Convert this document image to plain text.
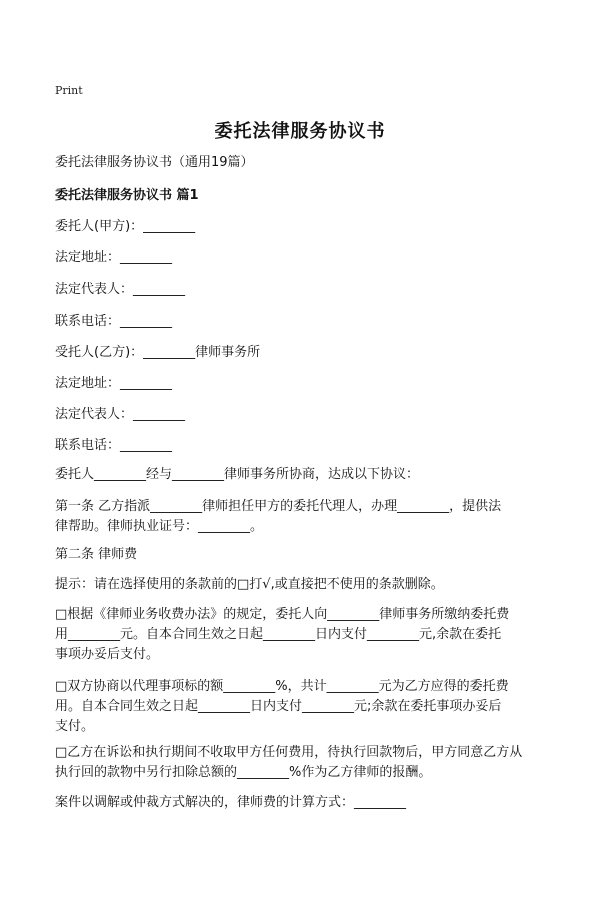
Print
委托法律服务协议书
委托法律服务协议书（通用19篇）
委托法律服务协议书 篇1
委托人(甲方)：________
法定地址：________
法定代表人：________
联系电话：________
受托人(乙方)：________律师事务所
法定地址：________
法定代表人：________
联系电话：________
委托人________经与________律师事务所协商，达成以下协议：
第一条 乙方指派________律师担任甲方的委托代理人，办理________，提供法
律帮助。律师执业证号：________。
第二条 律师费
提示：请在选择使用的条款前的□打√,或直接把不使用的条款删除。
□根据《律师业务收费办法》的规定，委托人向________律师事务所缴纳委托费
用________元。自本合同生效之日起________日内支付________元,余款在委托
事项办妥后支付。
□双方协商以代理事项标的额________%，共计________元为乙方应得的委托费
用。自本合同生效之日起________日内支付________元;余款在委托事项办妥后
支付。
□乙方在诉讼和执行期间不收取甲方任何费用，待执行回款物后，甲方同意乙方从
执行回的款物中另行扣除总额的________%作为乙方律师的报酬。
案件以调解或仲裁方式解决的，律师费的计算方式：________
